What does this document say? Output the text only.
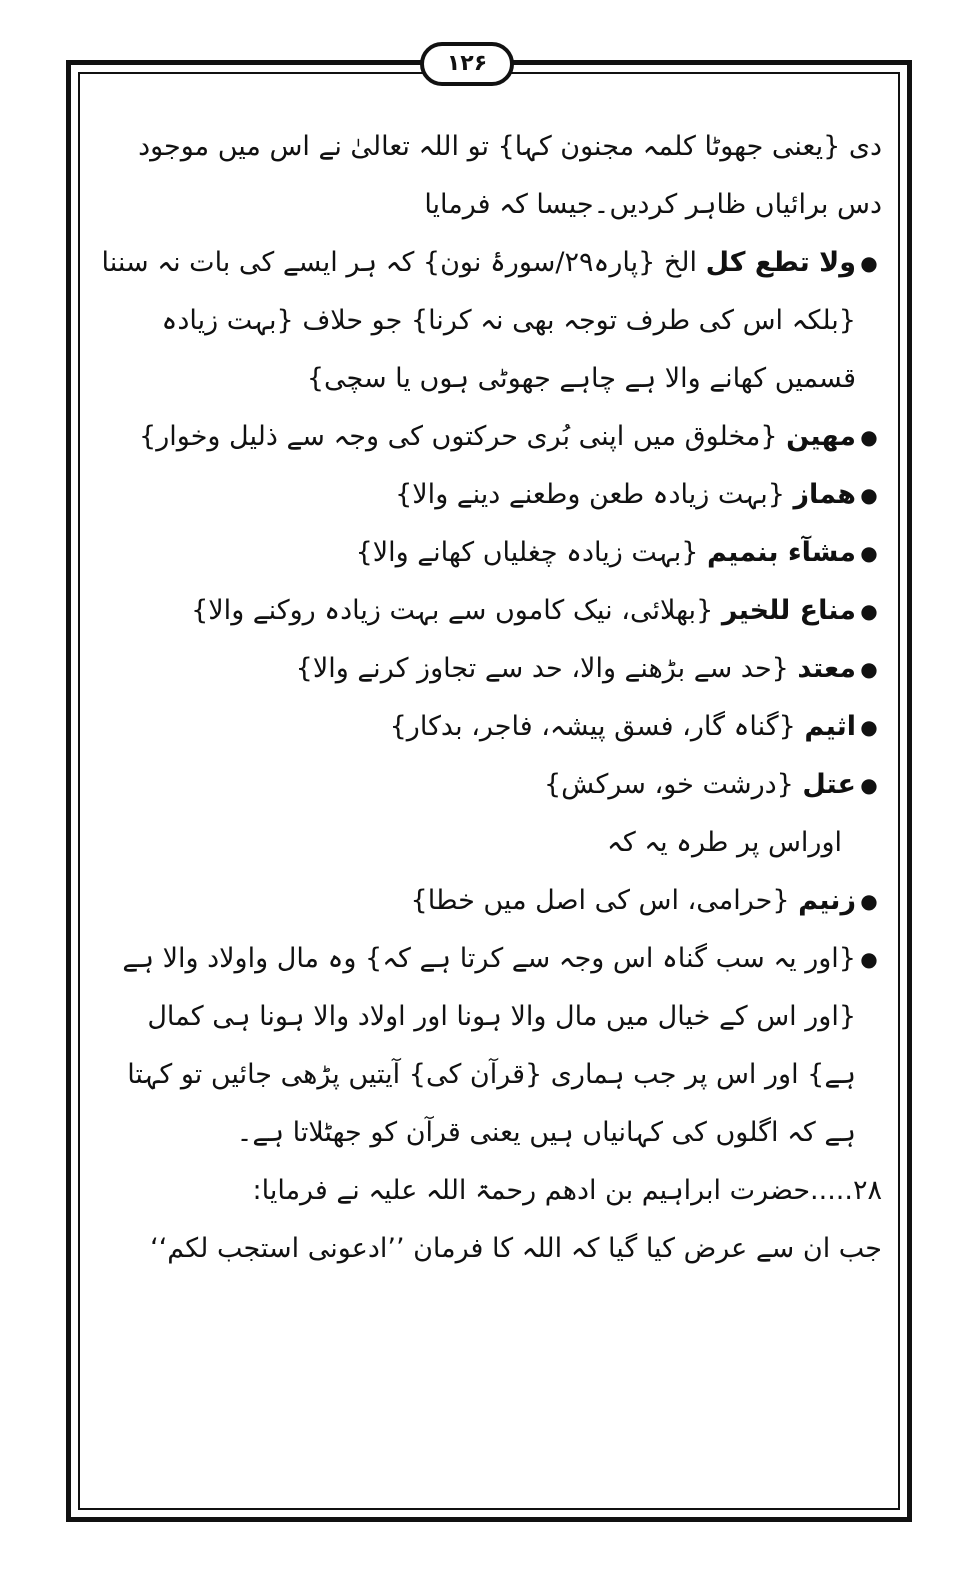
۱۲۶

دی {یعنی جھوٹا کلمہ مجنون کہا} تو اللہ تعالیٰ نے اس میں موجود دس برائیاں ظاہر کردیں۔جیسا کہ فرمایا

●
ولا تطع کل الخ {پارہ۲۹/سورۂ نون} کہ ہر ایسے کی بات نہ سننا {بلکہ اس کی طرف توجہ بھی نہ کرنا} جو حلاف {بہت زیادہ قسمیں کھانے والا ہے چاہے جھوٹی ہوں یا سچی}
●
مھین {مخلوق میں اپنی بُری حرکتوں کی وجہ سے ذلیل وخوار}
●
ھماز {بہت زیادہ طعن وطعنے دینے والا}
●
مشآء بنمیم {بہت زیادہ چغلیاں کھانے والا}
●
مناع للخیر {بھلائی، نیک کاموں سے بہت زیادہ روکنے والا}
●
معتد {حد سے بڑھنے والا، حد سے تجاوز کرنے والا}
●
اثیم {گناہ گار، فسق پیشہ، فاجر، بدکار}
●
عتل {درشت خو، سرکش}

اوراس پر طرہ یہ کہ

●
زنیم {حرامی، اس کی اصل میں خطا}
●
{اور یہ سب گناہ اس وجہ سے کرتا ہے کہ} وہ مال واولاد والا ہے {اور اس کے خیال میں مال والا ہونا اور اولاد والا ہونا ہی کمال ہے} اور اس پر جب ہماری {قرآن کی} آیتیں پڑھی جائیں تو کہتا ہے کہ اگلوں کی کہانیاں ہیں یعنی قرآن کو جھٹلاتا ہے۔

۲۸.....حضرت ابراہیم بن ادھم رحمۃ اللہ علیہ نے فرمایا:

جب ان سے عرض کیا گیا کہ اللہ کا فرمان ’’ادعونی استجب لکم‘‘
